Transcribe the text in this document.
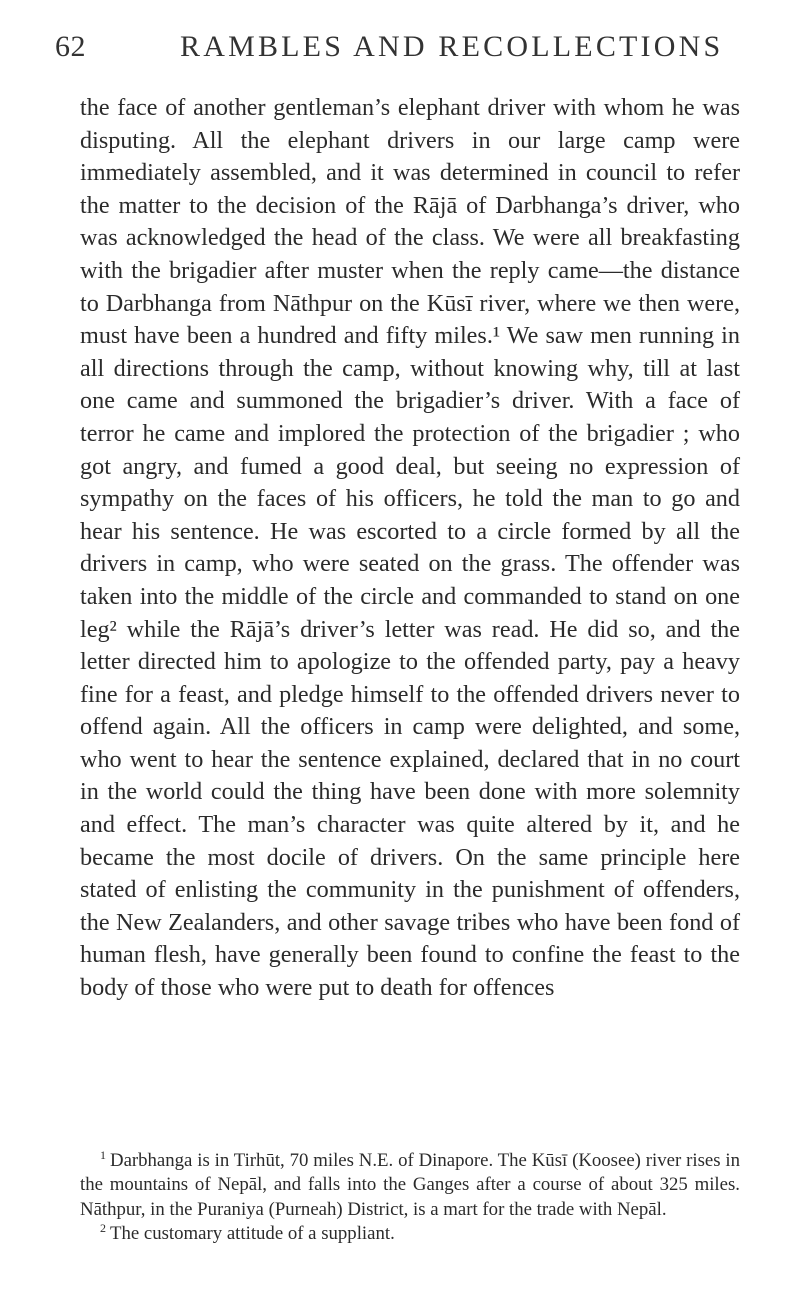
62	RAMBLES AND RECOLLECTIONS

the face of another gentleman’s elephant driver with whom he was disputing. All the elephant drivers in our large camp were immediately assembled, and it was determined in council to refer the matter to the decision of the Rājā of Darbhanga’s driver, who was acknowledged the head of the class. We were all breakfasting with the brigadier after muster when the reply came—the distance to Darbhanga from Nāthpur on the Kūsī river, where we then were, must have been a hundred and fifty miles.¹ We saw men running in all directions through the camp, without knowing why, till at last one came and summoned the brigadier’s driver. With a face of terror he came and implored the protection of the brigadier ; who got angry, and fumed a good deal, but seeing no expression of sympathy on the faces of his officers, he told the man to go and hear his sentence. He was escorted to a circle formed by all the drivers in camp, who were seated on the grass. The offender was taken into the middle of the circle and commanded to stand on one leg² while the Rājā’s driver’s letter was read. He did so, and the letter directed him to apologize to the offended party, pay a heavy fine for a feast, and pledge himself to the offended drivers never to offend again. All the officers in camp were delighted, and some, who went to hear the sentence explained, declared that in no court in the world could the thing have been done with more solemnity and effect. The man’s character was quite altered by it, and he became the most docile of drivers. On the same principle here stated of enlisting the community in the punishment of offenders, the New Zealanders, and other savage tribes who have been fond of human flesh, have generally been found to confine the feast to the body of those who were put to death for offences

$^1$ Darbhanga is in Tirhūt, 70 miles N.E. of Dinapore. The Kūsī (Koosee) river rises in the mountains of Nepāl, and falls into the Ganges after a course of about 325 miles. Nāthpur, in the Puraniya (Purneah) District, is a mart for the trade with Nepāl.

$^2$ The customary attitude of a suppliant.
